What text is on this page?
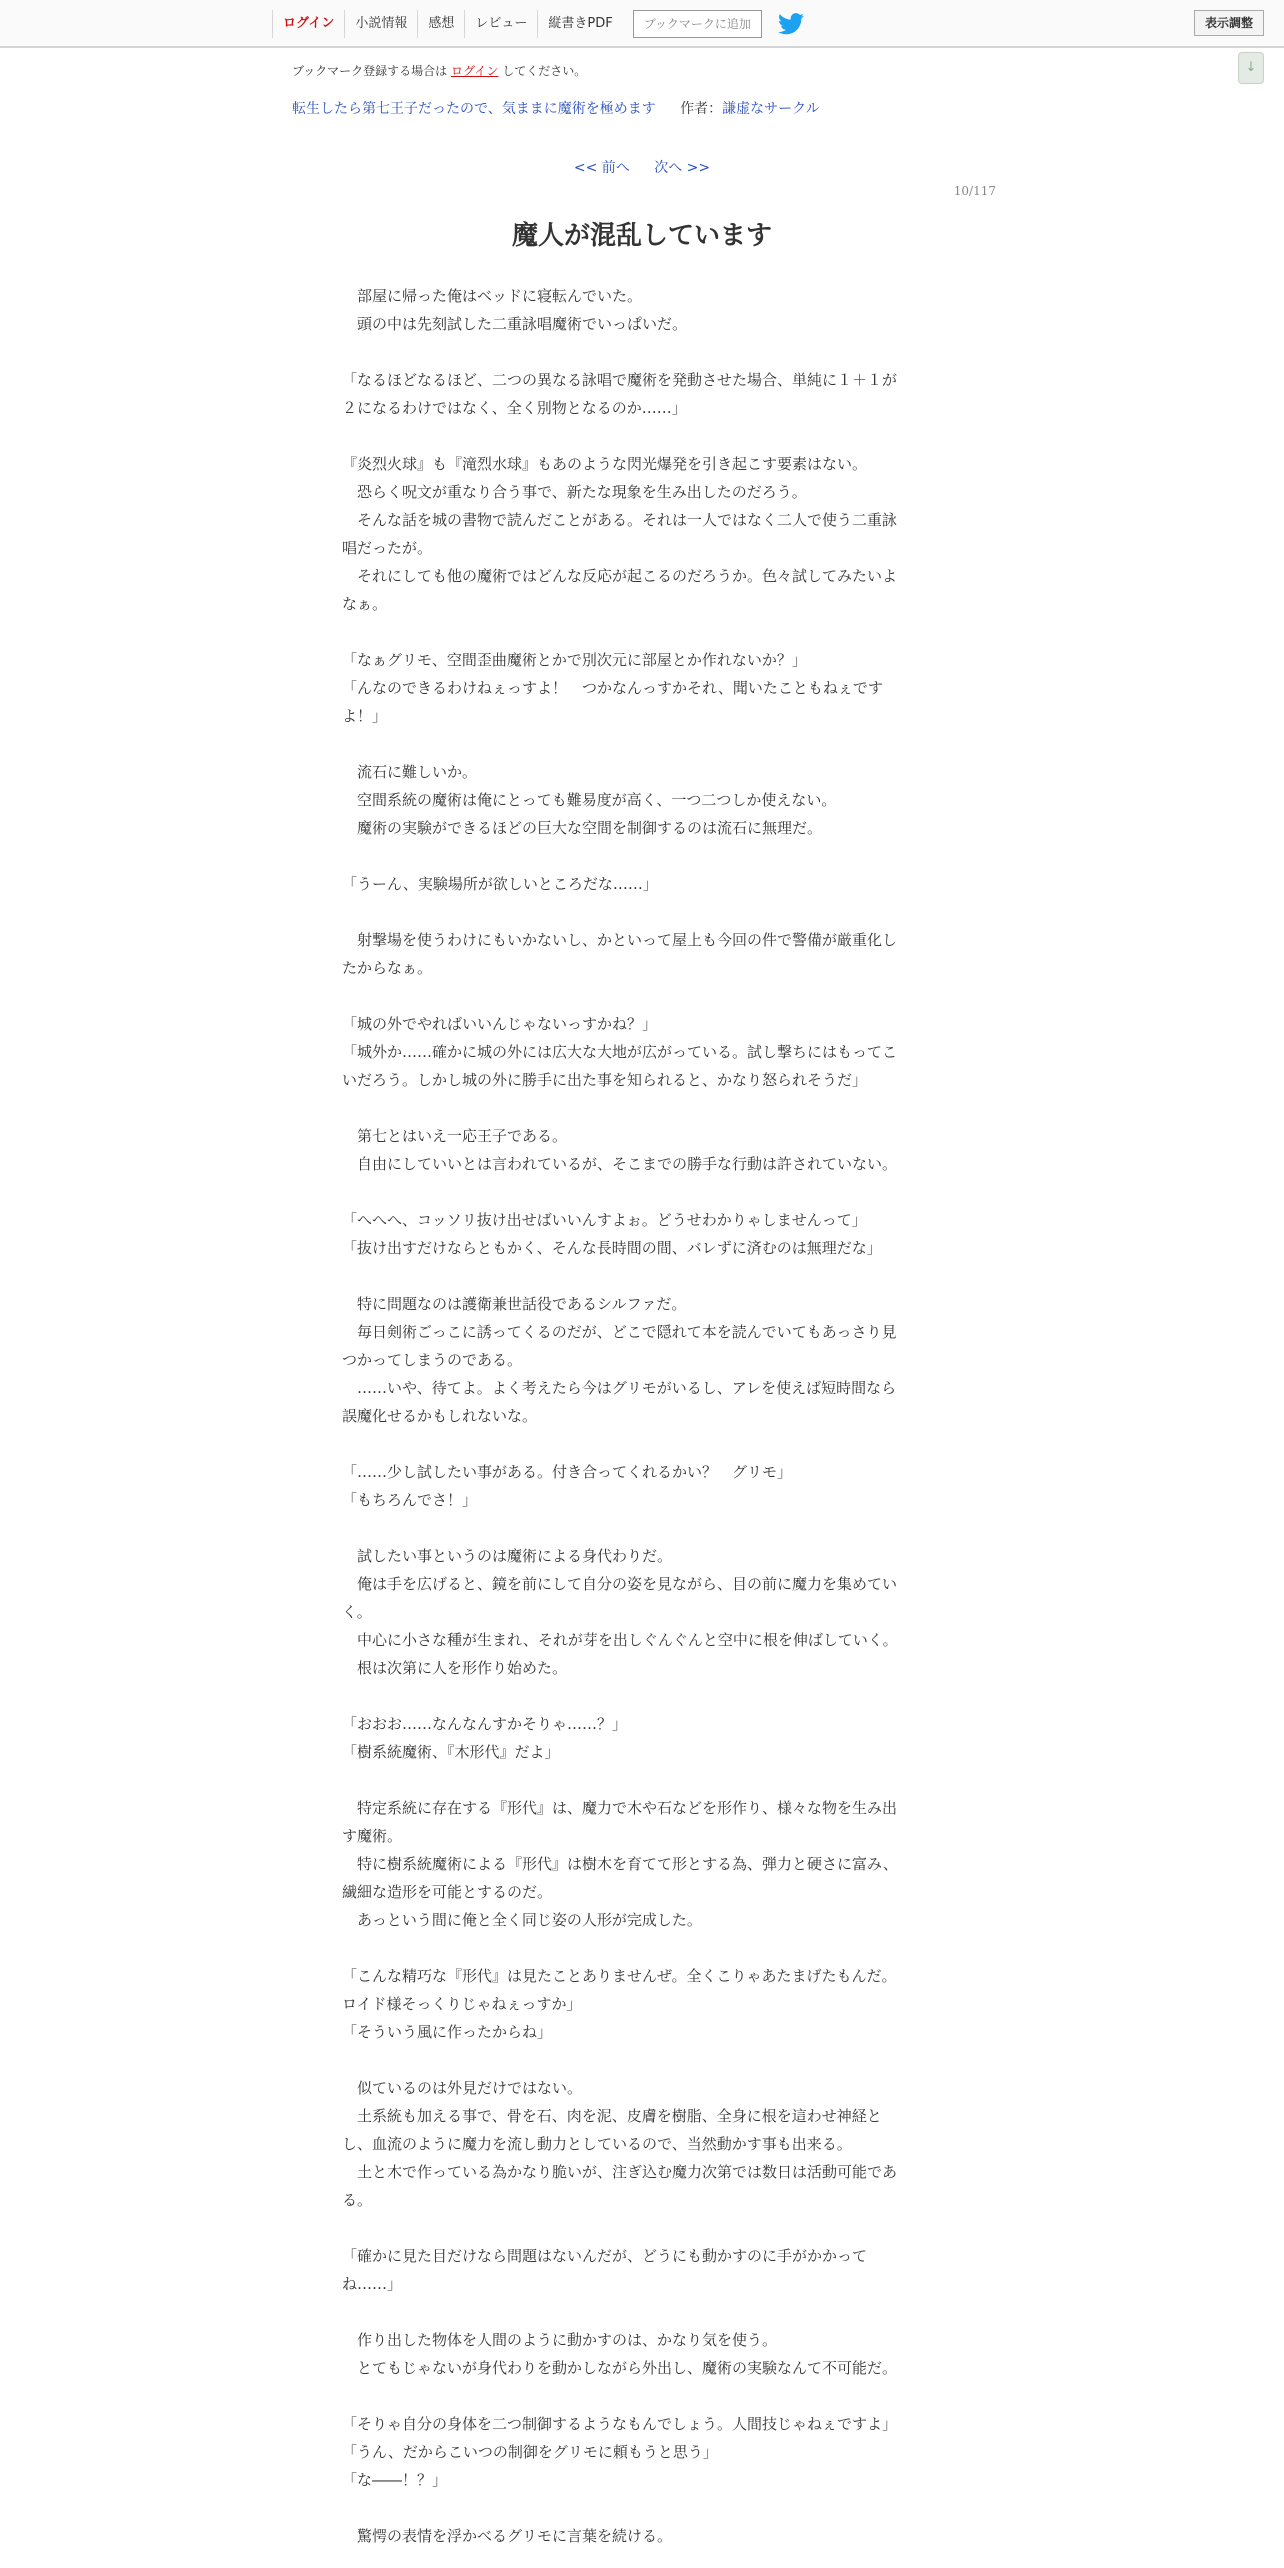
ログイン	小説情報	感想	レビュー	縦書きPDF	ブックマークに追加	表示調整
↓
ブックマーク登録する場合は ログイン してください。
転生したら第七王子だったので、気ままに魔術を極めます 作者：謙虚なサークル
<< 前へ 次へ >>
10/117
魔人が混乱しています

　部屋に帰った俺はベッドに寝転んでいた。

　頭の中は先刻試した二重詠唱魔術でいっぱいだ。

「なるほどなるほど、二つの異なる詠唱で魔術を発動させた場合、単純に１＋１が

２になるわけではなく、全く別物となるのか……」

『炎烈火球』も『滝烈水球』もあのような閃光爆発を引き起こす要素はない。

　恐らく呪文が重なり合う事で、新たな現象を生み出したのだろう。

　そんな話を城の書物で読んだことがある。それは一人ではなく二人で使う二重詠

唱だったが。

　それにしても他の魔術ではどんな反応が起こるのだろうか。色々試してみたいよ

なぁ。

「なぁグリモ、空間歪曲魔術とかで別次元に部屋とか作れないか？」

「んなのできるわけねぇっすよ！　つかなんっすかそれ、聞いたこともねぇです

よ！」

　流石に難しいか。

　空間系統の魔術は俺にとっても難易度が高く、一つ二つしか使えない。

　魔術の実験ができるほどの巨大な空間を制御するのは流石に無理だ。

「うーん、実験場所が欲しいところだな……」

　射撃場を使うわけにもいかないし、かといって屋上も今回の件で警備が厳重化し

たからなぁ。

「城の外でやればいいんじゃないっすかね？」

「城外か……確かに城の外には広大な大地が広がっている。試し撃ちにはもってこ

いだろう。しかし城の外に勝手に出た事を知られると、かなり怒られそうだ」

　第七とはいえ一応王子である。

　自由にしていいとは言われているが、そこまでの勝手な行動は許されていない。

「へへへ、コッソリ抜け出せばいいんすよぉ。どうせわかりゃしませんって」

「抜け出すだけならともかく、そんな長時間の間、バレずに済むのは無理だな」

　特に問題なのは護衛兼世話役であるシルファだ。

　毎日剣術ごっこに誘ってくるのだが、どこで隠れて本を読んでいてもあっさり見

つかってしまうのである。

　……いや、待てよ。よく考えたら今はグリモがいるし、アレを使えば短時間なら

誤魔化せるかもしれないな。

「……少し試したい事がある。付き合ってくれるかい？　グリモ」

「もちろんでさ！」

　試したい事というのは魔術による身代わりだ。

　俺は手を広げると、鏡を前にして自分の姿を見ながら、目の前に魔力を集めてい

く。

　中心に小さな種が生まれ、それが芽を出しぐんぐんと空中に根を伸ばしていく。

　根は次第に人を形作り始めた。

「おおお……なんなんすかそりゃ……？」

「樹系統魔術、『木形代』だよ」

　特定系統に存在する『形代』は、魔力で木や石などを形作り、様々な物を生み出

す魔術。

　特に樹系統魔術による『形代』は樹木を育てて形とする為、弾力と硬さに富み、

繊細な造形を可能とするのだ。

　あっという間に俺と全く同じ姿の人形が完成した。

「こんな精巧な『形代』は見たことありませんぜ。全くこりゃあたまげたもんだ。

ロイド様そっくりじゃねぇっすか」

「そういう風に作ったからね」

　似ているのは外見だけではない。

　土系統も加える事で、骨を石、肉を泥、皮膚を樹脂、全身に根を這わせ神経と

し、血流のように魔力を流し動力としているので、当然動かす事も出来る。

　土と木で作っている為かなり脆いが、注ぎ込む魔力次第では数日は活動可能であ

る。

「確かに見た目だけなら問題はないんだが、どうにも動かすのに手がかかって

ね……」

　作り出した物体を人間のように動かすのは、かなり気を使う。

　とてもじゃないが身代わりを動かしながら外出し、魔術の実験なんて不可能だ。

「そりゃ自分の身体を二つ制御するようなもんでしょう。人間技じゃねぇですよ」

「うん、だからこいつの制御をグリモに頼もうと思う」

「な――！？」

　驚愕の表情を浮かべるグリモに言葉を続ける。
